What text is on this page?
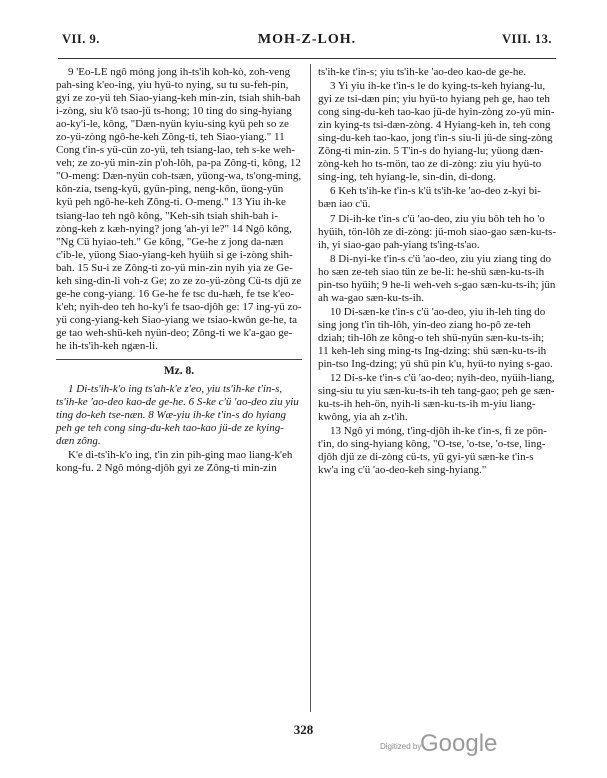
VII. 9.	MOH-Z-LOH.	VIII. 13.

9 'Eo-LE ngô móng jong ih-ts'ih koh-kò, zoh-veng pah-sing k'eo-ing, yiu hyü-to nying, su tu su-feh-pin, gyi ze zo-yü teh Siao-yiang-keh min-zin, tsiah shih-bah i-zòng, siu k'ô tsao-jü ts-hong; 10 ting do sing-hyiang ao-ky'i-le, kông, "Dæn-nyün kyiu-sing kyü peh so ze zo-yü-zòng ngô-he-keh Zông-ti, teh Siao-yiang." 11 Cong t'in-s yü-cün zo-yü, teh tsiang-lao, teh s-ke weh-veh; ze zo-yü min-zin p'oh-lôh, pa-pa Zông-ti, kông, 12 "O-meng: Dæn-nyün coh-tsæn, yüong-wa, ts'ong-ming, kôn-zia, tseng-kyü, gyün-ping, neng-kôn, üong-yün kyü peh ngô-he-keh Zông-ti. O-meng." 13 Yiu ih-ke tsiang-lao teh ngô kông, "Keh-sih tsiah shih-bah i-zòng-keh z kæh-nying? jong 'ah-yi le?" 14 Ngô kông, "Ng Cü hyiao-teh." Ge kông, "Ge-he z jong da-næn c'ib-le, yüong Siao-yiang-keh hyüih si ge i-zòng shih-bah. 15 Su-i ze Zông-ti zo-yü min-zin nyih yia ze Ge-keh sing-din-li voh-z Ge; zo ze zo-yü-zòng Cü-ts djü ze ge-he cong-yiang. 16 Ge-he fe tsc du-hæh, fe tse k'eo-k'eh; nyih-deo teh ho-ky'i fe tsao-djôh ge: 17 ing-yü zo-yü cong-yiang-keh Siao-yiang we tsiao-kwôn ge-he, ta ge tao weh-shü-keh nyün-deo; Zông-ti we k'a-gao ge-he ih-ts'ih-keh ngæn-li.

Mz. 8.

1 Di-ts'ih-k'o ing ts'ah-k'e z'eo, yiu ts'ih-ke t'in-s, ts'ih-ke 'ao-deo kao-de ge-he. 6 S-ke c'ü 'ao-deo ziu yiu ting do-keh tse-næn. 8 Wæ-yiu ih-ke t'in-s do hyiang peh ge teh cong sing-du-keh tao-kao jü-de ze kying-dæn zông.

K'e di-ts'ih-k'o ing, t'in zin pih-ging mao liang-k'eh kong-fu. 2 Ngô móng-djôh gyi ze Zông-ti min-zin

ts'ih-ke t'in-s; yiu ts'ih-ke 'ao-deo kao-de ge-he.

3 Yi yiu ih-ke t'in-s le do kying-ts-keh hyiang-lu, gyi ze tsi-dæn pin; yiu hyü-to hyiang peh ge, hao teh cong sing-du-keh tao-kao jü-de hyin-zòng zo-yü min-zin kying-ts tsi-dæn-zòng. 4 Hyiang-keh in, teh cong sing-du-keh tao-kao, jong t'in-s siu-li jü-de sing-zòng Zông-ti min-zin. 5 T'in-s do hyiang-lu; yüong dæn-zòng-keh ho ts-mön, tao ze di-zòng: ziu yiu hyü-to sing-ing, teh hyiang-le, sin-din, di-dong.

6 Keh ts'ih-ke t'in-s k'ü ts'ih-ke 'ao-deo z-kyi bi-bæn iao c'ü.

7 Di-ih-ke t'in-s c'ü 'ao-deo, ziu yiu bôh teh ho 'o hyüih, tön-lôh ze di-zòng: jü-moh siao-gao sæn-ku-ts-ih, yi siao-gao pah-yiang ts'ing-ts'ao.

8 Di-nyi-ke t'in-s c'ü 'ao-deo, ziu yiu ziang ting do ho sæn ze-teh siao tün ze be-li: he-shü sæn-ku-ts-ih pin-tso hyüih; 9 he-li weh-veh s-gao sæn-ku-ts-ih; jün ah wa-gao sæn-ku-ts-ih.

10 Di-sæn-ke t'in-s c'ü 'ao-deo, yiu ih-leh ting do sing jong t'in tih-lôh, yin-deo ziang ho-pô ze-teh dziah; tih-lôh ze kông-o teh shü-nyün sæn-ku-ts-ih; 11 keh-leh sing ming-ts Ing-dzing: shü sæn-ku-ts-ih pin-tso Ing-dzing; yü shü pin k'u, hyü-to nying s-gao.

12 Di-s-ke t'in-s c'ü 'ao-deo; nyih-deo, nyüih-liang, sing-siu tu yiu sæn-ku-ts-ih teh tang-gao; peh ge sæn-ku-ts-ih heh-ön, nyih-li sæn-ku-ts-ih m-yiu liang-kwông, yia ah z-t'ih.

13 Ngô yi móng, t'ing-djôh ih-ke t'in-s, fi ze pön-t'in, do sing-hyiang kông, "O-tse, 'o-tse, 'o-tse, ling-djôh djü ze di-zòng cü-ts, yü gyi-yü sæn-ke t'in-s kw'a ing c'ü 'ao-deo-keh sing-hyiang."

328
Digitized by
Google
